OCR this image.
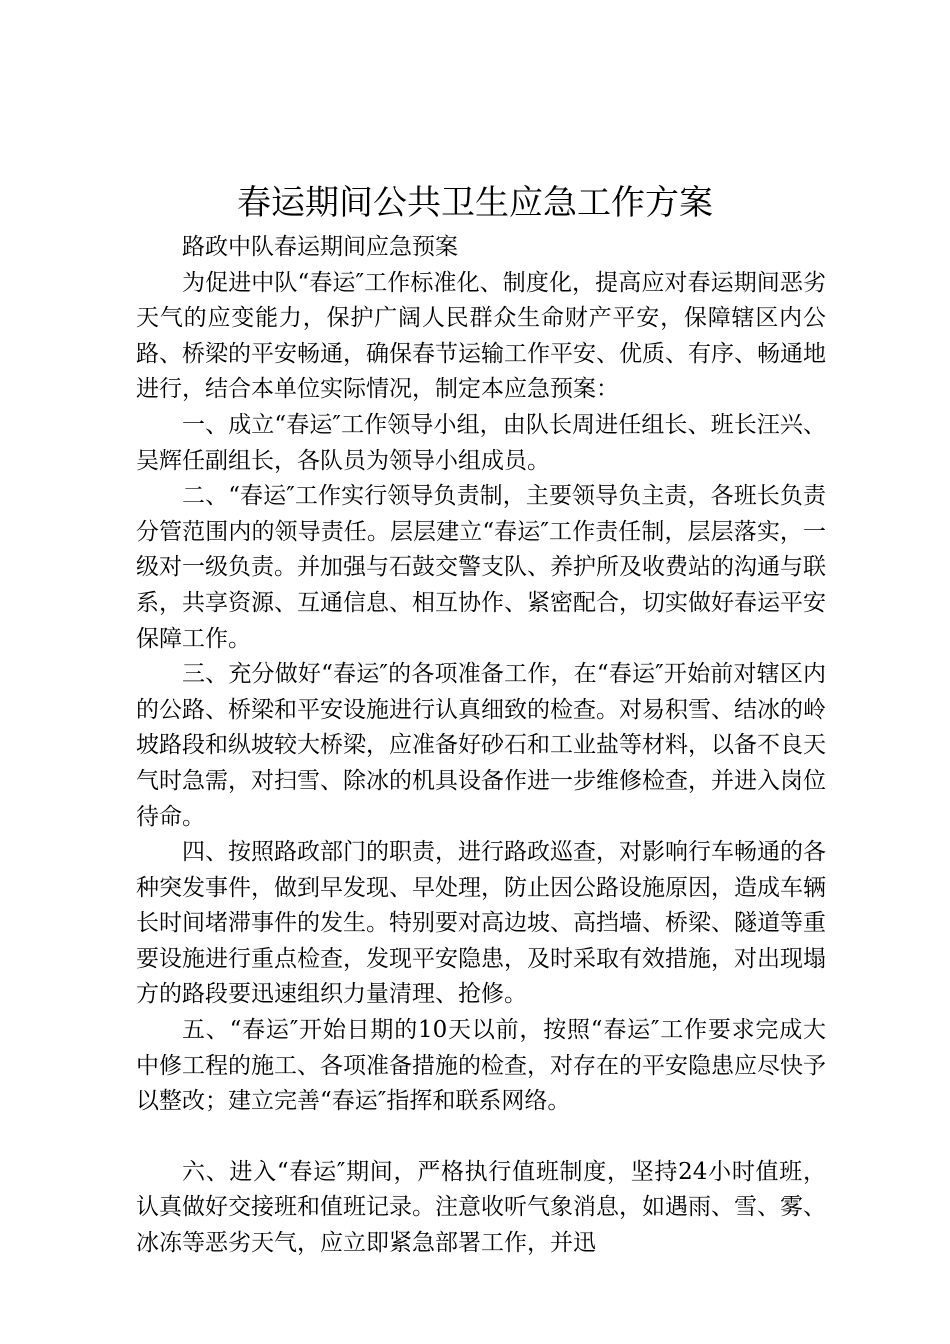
春运期间公共卫生应急工作方案

路政中队春运期间应急预案

为促进中队“春运″工作标准化、制度化，提高应对春运期间恶劣天气的应变能力，保护广阔人民群众生命财产平安，保障辖区内公路、桥梁的平安畅通，确保春节运输工作平安、优质、有序、畅通地进行，结合本单位实际情况，制定本应急预案：

一、成立“春运″工作领导小组，由队长周进任组长、班长汪兴、吴辉任副组长，各队员为领导小组成员。

二、“春运″工作实行领导负责制，主要领导负主责，各班长负责分管范围内的领导责任。层层建立“春运″工作责任制，层层落实，一级对一级负责。并加强与石鼓交警支队、养护所及收费站的沟通与联系，共享资源、互通信息、相互协作、紧密配合，切实做好春运平安保障工作。

三、充分做好“春运″的各项准备工作，在“春运″开始前对辖区内的公路、桥梁和平安设施进行认真细致的检查。对易积雪、结冰的岭坡路段和纵坡较大桥梁，应准备好砂石和工业盐等材料，以备不良天气时急需，对扫雪、除冰的机具设备作进一步维修检查，并进入岗位待命。

四、按照路政部门的职责，进行路政巡查，对影响行车畅通的各种突发事件，做到早发现、早处理，防止因公路设施原因，造成车辆长时间堵滞事件的发生。特别要对高边坡、高挡墙、桥梁、隧道等重要设施进行重点检查，发现平安隐患，及时采取有效措施，对出现塌方的路段要迅速组织力量清理、抢修。

五、“春运″开始日期的10天以前，按照“春运″工作要求完成大中修工程的施工、各项准备措施的检查，对存在的平安隐患应尽快予以整改；建立完善“春运″指挥和联系网络。

六、进入“春运″期间，严格执行值班制度，坚持24小时值班，认真做好交接班和值班记录。注意收听气象消息，如遇雨、雪、雾、冰冻等恶劣天气，应立即紧急部署工作，并迅
